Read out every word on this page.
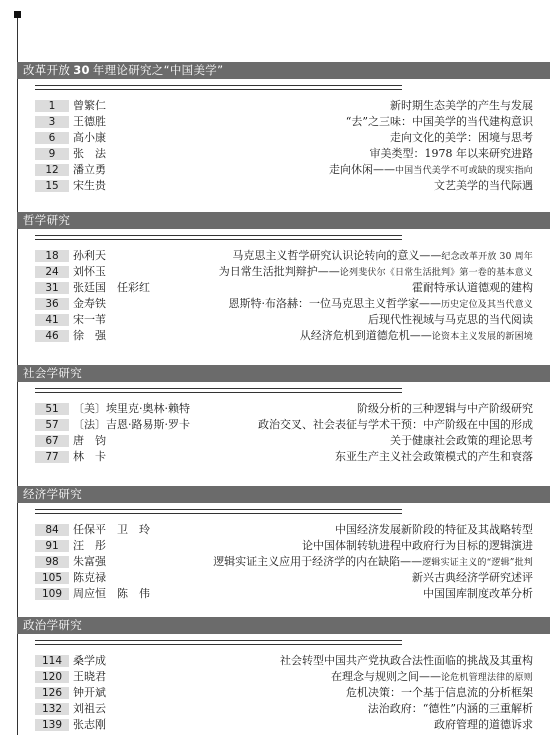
改革开放 30 年理论研究之“中国美学”
1	曾繁仁	新时期生态美学的产生与发展
3	王德胜	“去”之三味：中国美学的当代建构意识
6	高小康	走向文化的美学：困境与思考
9	张　法	审美类型：1978 年以来研究进路
12	潘立勇	走向休闲——中国当代美学不可或缺的现实指向
15	宋生贵	文艺美学的当代际遇
哲学研究
18	孙利天	马克思主义哲学研究认识论转向的意义——纪念改革开放 30 周年
24	刘怀玉	为日常生活批判辩护——论列斐伏尔《日常生活批判》第一卷的基本意义
31	张廷国　任彩红	霍耐特承认道德观的建构
36	金寿铁	恩斯特·布洛赫：一位马克思主义哲学家——历史定位及其当代意义
41	宋一苇	后现代性视域与马克思的当代阅读
46	徐　强	从经济危机到道德危机——论资本主义发展的新困境
社会学研究
51	〔美〕埃里克·奥林·赖特	阶级分析的三种逻辑与中产阶级研究
57	〔法〕吉恩·路易斯·罗卡	政治交叉、社会表征与学术干预：中产阶级在中国的形成
67	唐　钧	关于健康社会政策的理论思考
77	林　卡	东亚生产主义社会政策模式的产生和衰落
经济学研究
84	任保平　卫　玲	中国经济发展新阶段的特征及其战略转型
91	汪　彤	论中国体制转轨进程中政府行为目标的逻辑演进
98	朱富强	逻辑实证主义应用于经济学的内在缺陷——逻辑实证主义的“逻辑”批判
105 陈克禄	新兴古典经济学研究述评
109 周应恒　陈　伟	中国国库制度改革分析
政治学研究
114 桑学成	社会转型中国共产党执政合法性面临的挑战及其重构
120 王晓君	在理念与规则之间——论危机管理法律的原则
126 钟开斌	危机决策：一个基于信息流的分析框架
132 刘祖云	法治政府：“德性”内涵的三重解析
139 张志刚	政府管理的道德诉求
